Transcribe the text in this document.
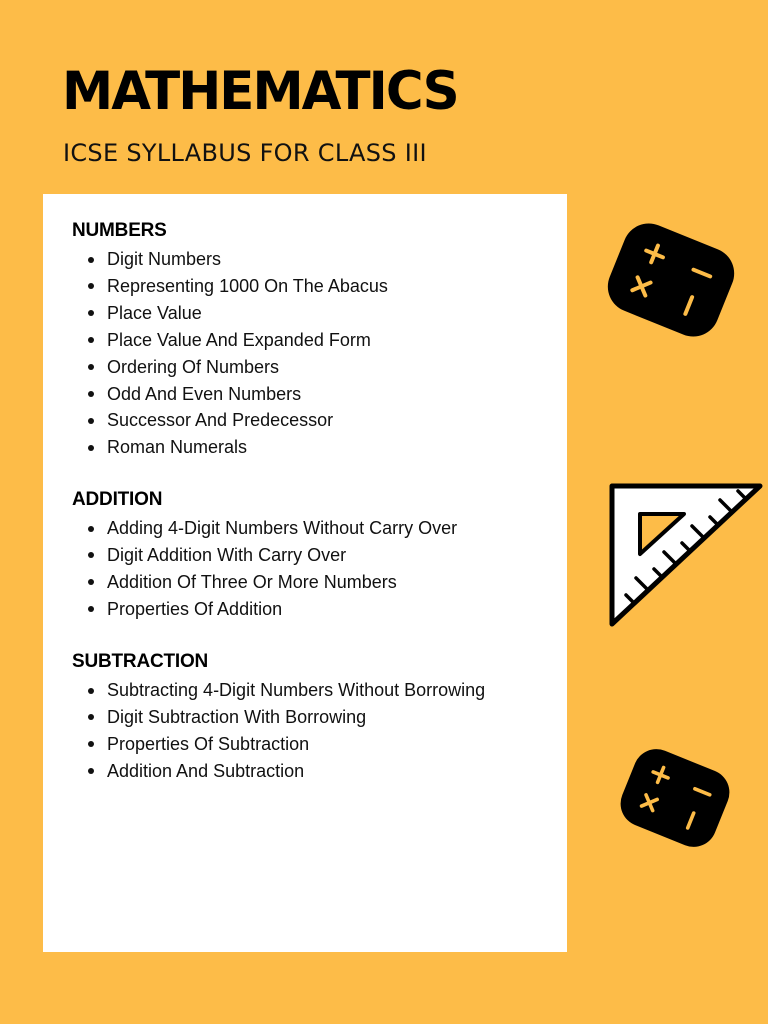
MATHEMATICS
ICSE SYLLABUS FOR CLASS III
NUMBERS
Digit Numbers
Representing 1000 On The Abacus
Place Value
Place Value And Expanded Form
Ordering Of Numbers
Odd And Even Numbers
Successor And Predecessor
Roman Numerals
ADDITION
Adding 4-Digit Numbers Without Carry Over
Digit Addition With Carry Over
Addition Of Three Or More Numbers
Properties Of Addition
SUBTRACTION
Subtracting 4-Digit Numbers Without Borrowing
Digit Subtraction With Borrowing
Properties Of Subtraction
Addition And Subtraction
